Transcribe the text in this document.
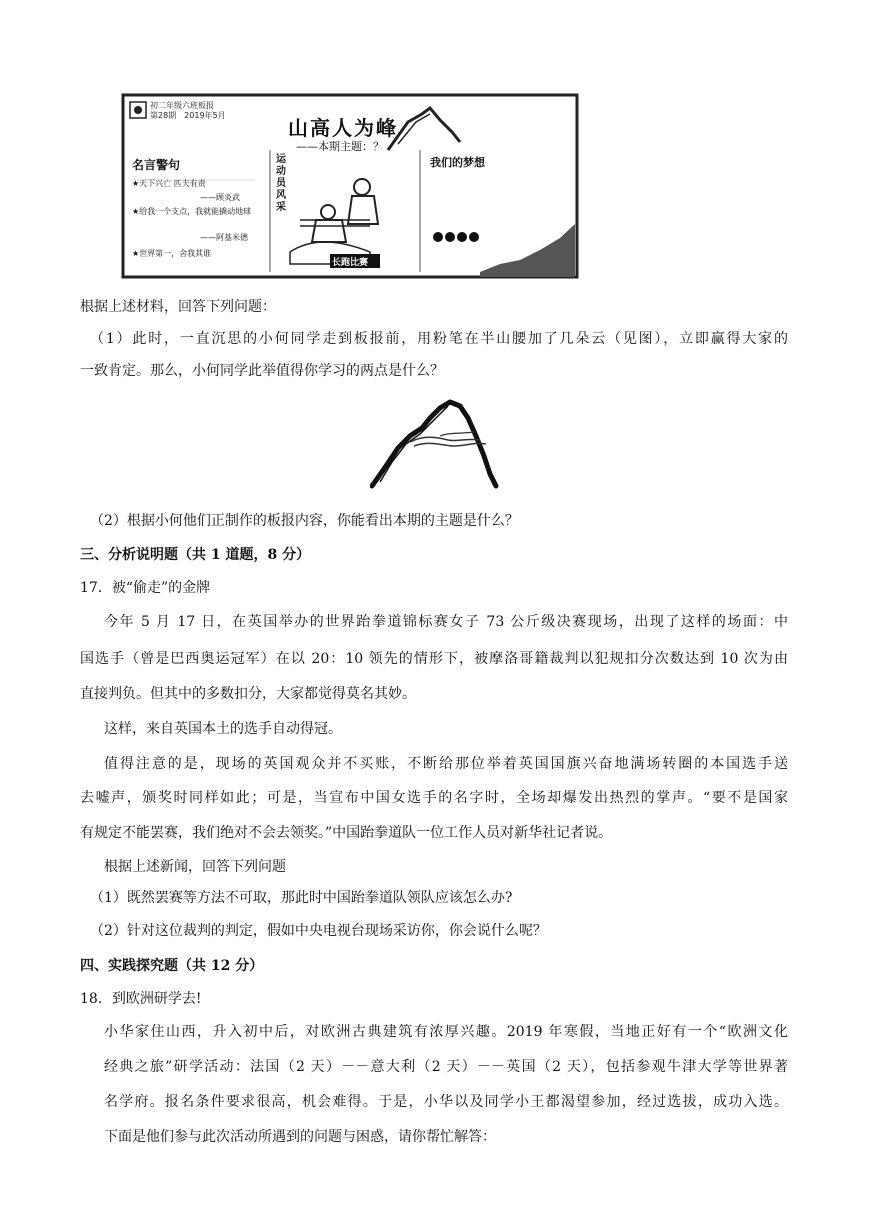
初二年级六班板报
第28期　2019年5月
山高人为峰
——本期主题：？
名言警句
★天下兴亡 匹夫有责
——顾炎武
★给我一个支点，我就能撬动地球
——阿基米德
★世界第一，舍我其谁
运动员风采
我们的梦想
长跑比赛
根据上述材料，回答下列问题：
（1）此时，一直沉思的小何同学走到板报前，用粉笔在半山腰加了几朵云（见图），立即赢得大家的
一致肯定。那么，小何同学此举值得你学习的两点是什么？
（2）根据小何他们正制作的板报内容，你能看出本期的主题是什么？
三、分析说明题（共 1 道题，8 分）
17．被“偷走”的金牌
今年 5 月 17 日，在英国举办的世界跆拳道锦标赛女子 73 公斤级决赛现场，出现了这样的场面：中
国选手（曾是巴西奥运冠军）在以 20：10 领先的情形下，被摩洛哥籍裁判以犯规扣分次数达到 10 次为由
直接判负。但其中的多数扣分，大家都觉得莫名其妙。
这样，来自英国本土的选手自动得冠。
值得注意的是，现场的英国观众并不买账，不断给那位举着英国国旗兴奋地满场转圈的本国选手送
去嘘声，颁奖时同样如此；可是，当宣布中国女选手的名字时，全场却爆发出热烈的掌声。“要不是国家
有规定不能罢赛，我们绝对不会去领奖。”中国跆拳道队一位工作人员对新华社记者说。
根据上述新闻，回答下列问题
（1）既然罢赛等方法不可取，那此时中国跆拳道队领队应该怎么办?
（2）针对这位裁判的判定，假如中央电视台现场采访你，你会说什么呢？
四、实践探究题（共 12 分）
18．到欧洲研学去!
小华家住山西，升入初中后，对欧洲古典建筑有浓厚兴趣。2019 年寒假，当地正好有一个“欧洲文化
经典之旅”研学活动：法国（2 天）－－意大利（2 天）－－英国（2 天），包括参观牛津大学等世界著
名学府。报名条件要求很高，机会难得。于是，小华以及同学小王都渴望参加，经过选拔，成功入选。
下面是他们参与此次活动所遇到的问题与困惑，请你帮忙解答：
